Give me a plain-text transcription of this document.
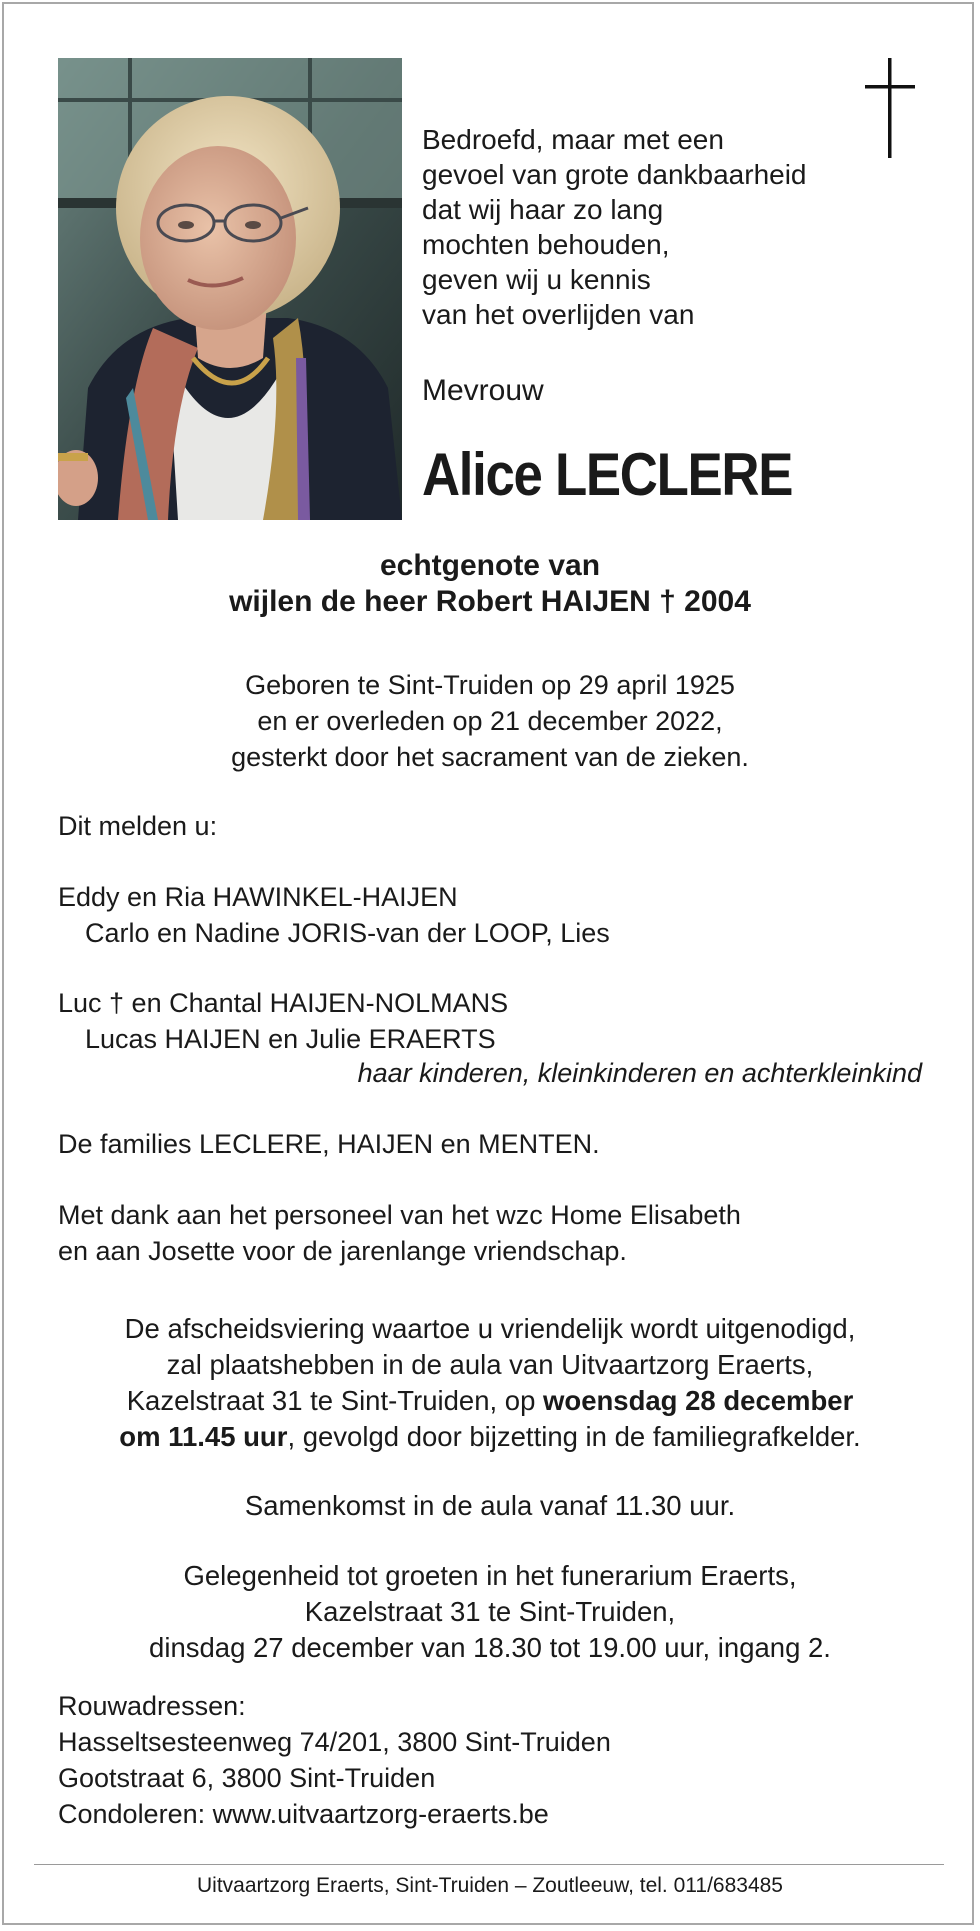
Bedroefd, maar met een
gevoel van grote dankbaarheid
dat wij haar zo lang
mochten behouden,
geven wij u kennis
van het overlijden van
Mevrouw
Alice LECLERE
echtgenote van
wijlen de heer Robert HAIJEN † 2004
Geboren te Sint-Truiden op 29 april 1925
en er overleden op 21 december 2022,
gesterkt door het sacrament van de zieken.
Dit melden u:
Eddy en Ria HAWINKEL-HAIJEN
Carlo en Nadine JORIS-van der LOOP, Lies
Luc † en Chantal HAIJEN-NOLMANS
Lucas HAIJEN en Julie ERAERTS
haar kinderen, kleinkinderen en achterkleinkind
De families LECLERE, HAIJEN en MENTEN.
Met dank aan het personeel van het wzc Home Elisabeth
en aan Josette voor de jarenlange vriendschap.
De afscheidsviering waartoe u vriendelijk wordt uitgenodigd,
zal plaatshebben in de aula van Uitvaartzorg Eraerts,
Kazelstraat 31 te Sint-Truiden, op woensdag 28 december
om 11.45 uur, gevolgd door bijzetting in de familiegrafkelder.
Samenkomst in de aula vanaf 11.30 uur.
Gelegenheid tot groeten in het funerarium Eraerts,
Kazelstraat 31 te Sint-Truiden,
dinsdag 27 december van 18.30 tot 19.00 uur, ingang 2.
Rouwadressen:
Hasseltsesteenweg 74/201, 3800 Sint-Truiden
Gootstraat 6, 3800 Sint-Truiden
Condoleren: www.uitvaartzorg-eraerts.be
Uitvaartzorg Eraerts, Sint-Truiden – Zoutleeuw, tel. 011/683485
